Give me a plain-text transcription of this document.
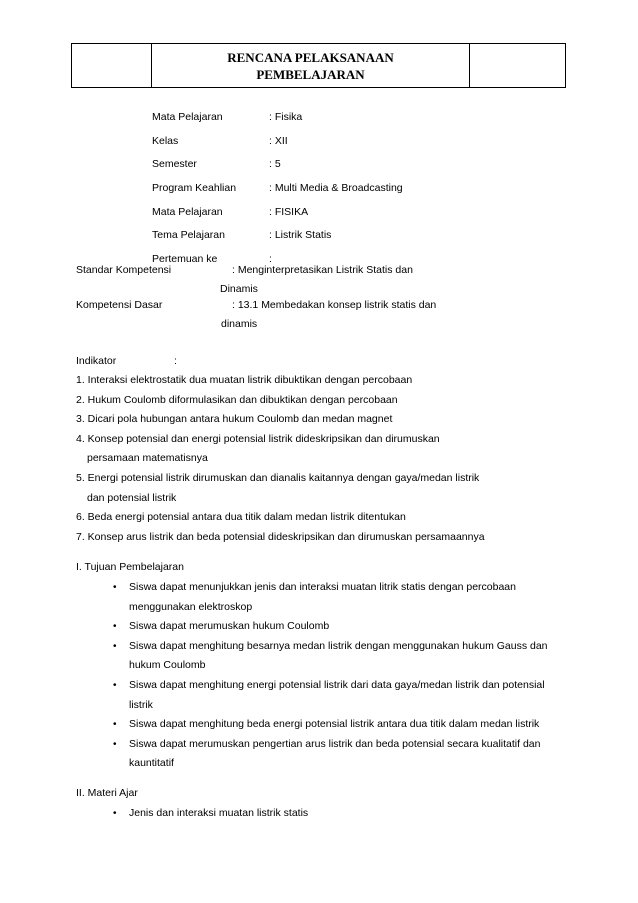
RENCANA PELAKSANAAN
PEMBELAJARAN

Mata Pelajaran	: Fisika
Kelas	: XII
Semester	: 5
Program Keahlian	: Multi Media & Broadcasting
Mata Pelajaran	: FISIKA
Tema Pelajaran	: Listrik Statis
Pertemuan ke	:
Standar Kompetensi	: Menginterpretasikan Listrik Statis dan
Dinamis
Kompetensi Dasar	: 13.1 Membedakan konsep listrik statis dan
dinamis
Indikator	:
1. Interaksi elektrostatik dua muatan listrik dibuktikan dengan percobaan
2. Hukum Coulomb diformulasikan dan dibuktikan dengan percobaan
3. Dicari pola hubungan antara hukum Coulomb dan medan magnet
4. Konsep potensial dan energi potensial listrik dideskripsikan dan dirumuskan
persamaan matematisnya
5. Energi potensial listrik dirumuskan dan dianalis kaitannya dengan gaya/medan listrik
dan potensial listrik
6. Beda energi potensial antara dua titik dalam medan listrik ditentukan
7. Konsep arus listrik dan beda potensial dideskripsikan dan dirumuskan persamaannya
I. Tujuan Pembelajaran
• Siswa dapat menunjukkan jenis dan interaksi muatan litrik statis dengan percobaan
menggunakan elektroskop
• Siswa dapat merumuskan hukum Coulomb
• Siswa dapat menghitung besarnya medan listrik dengan menggunakan hukum Gauss dan
hukum Coulomb
• Siswa dapat menghitung energi potensial listrik dari data gaya/medan listrik dan potensial
listrik
• Siswa dapat menghitung beda energi potensial listrik antara dua titik dalam medan listrik
• Siswa dapat merumuskan pengertian arus listrik dan beda potensial secara kualitatif dan
kauntitatif
II. Materi Ajar
• Jenis dan interaksi muatan listrik statis
